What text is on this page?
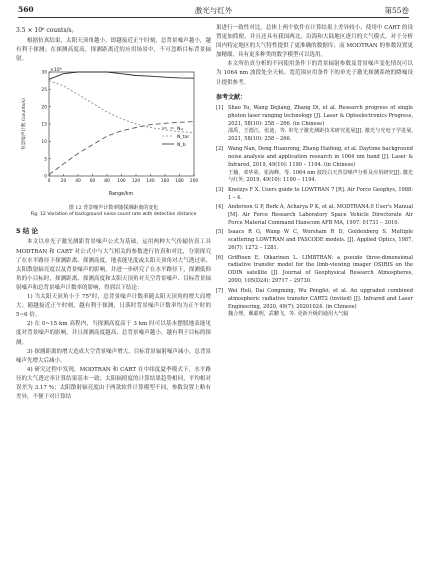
560	激光与红外	第55卷
3.5 × 10⁶ counts/s。

根据仿真结果，太阳天顶角越小，即越接近正午时刻，总背景噪声越小，越有利于探测；在探测高度高，探测距离近的应用场景中，不可忽略目标背景辐射。

×10⁶
背景噪声计数 (counts/s)
Range/km
0 20 40 60 80 100 120 140 160 180 200
0
5
10
15
20
25
30
Nₛₜ
N_tar
N_b
图 12 背景噪声计数率随探测距离的变化
Fig. 12 Variation of background noise count rate with detection distance
5 结 论

本文以单光子激光测距背景噪声公式为基础，运用两种大气传输仿真工具 MODTRAN 和 CART 对公式中与大气相关的参数进行仿真和对比，分别探究了在水平路径下探测距离、探测高度、地表能见度或太阳天顶角对大气透过率、太阳散射辐亮度以及背景噪声的影响，并进一步研究了在水平路径下，探测低仰角的小目标时，探测距离、探测高度和太阳天顶角对天空背景噪声、目标背景辐射噪声和总背景噪声计数率的影响，得到以下结论：

1) 当太阳天顶角小于 75°时，总背景噪声计数率随太阳天顶角的增大而增大。随越接近正午时刻，越有利于探测，日落时背景噪声计数率均为正午时的 5~6 倍。

2) 在 0~15 km 高程内，当探测高度高于 3 km 时可以基本摆脱地表能见度对背景噪声的影响，并且探测高度越高，总背景噪声越小，越有利于目标的探测。

3) 探测距离的增大造成大空背景噪声增大，目标背景辐射噪声减小，总背景噪声先增大后减小。

4) 研究过程中发现，MODTRAN 和 CART 在中纬度夏季模式下，水平路径的大气透过率计算结果基本一致；太阳辐照度的计算结果趋势相同，平均相对误差为 3.17 %；太阳散射辐亮度由于两款软件计算模型不同，参数设置上略有差异，不便于对计算结

果进行一致性对比。总体上两个软件在计算结果上差异较小，使用中 CART 的设置更加简便，并且还具有我国两北、沿海和大陆地区逐月的大气模式，对于分析国内特定地区的大气特性提供了更准确的数据库；而 MODTRAN 的参数设置更加精细，具有更多种类的数学模型可以选用。

本文所仿真分析的不同使用条件下的背景辐射参数及背景噪声变化情况可以为 1064 nm 波段处全天候、宽范围应用条件下的单光子激光探测系统的降噪设计提供参考。

参考文献：
[1] Shao Yu, Wang Dejiang, Zhang Di, et al. Research progress of single photon laser ranging technology [J]. Laser & Optoelectronics Progress, 2021, 58(10): 258 – 266. (in Chinese)
邵禹，王德江，张迪，等. 单光子激光测距技术研究进展[J]. 激光与光电子学进展, 2021, 58(10): 258 – 266.
[2] Wang Nan, Deng Huanrong, Zhang Haifeng, et al. Daytime background noise analysis and application research in 1064 nm band [J]. Laser & Infrared, 2019, 49(10): 1190 – 1194. (in Chinese)
王楠，邓华荣，张海峰，等. 1064 nm 波段白天背景噪声分析及应用研究[J]. 激光与红外, 2019, 49(10): 1190 – 1194.
[3] Kneizys F X. Users guide to LOWTRAN 7 [R]. Air Force Geophys, 1988: 1 – 4.
[4] Anderson G P, Berk A, Acharya P K, et al. MODTRAN4.0 User's Manual [M]. Air Force Research Laboratory Space Vehicle Directorate Air Force Material Command Hanscom AFB MA, 1997: 01731 – 3010.
[5] Isaacs R G, Wang W C, Worsham R D, Goldenberg S. Multiple scattering LOWTRAN and FASCODE models. [J]. Applied Optics, 1987, 26(7): 1272 – 1281.
[6] Griffioen E, Oikarinen L. LIMBTRAN: a pseudo three-dimensional radiative transfer model for the limb-viewing imager OSIRIS on the ODIN satellite [J]. Journal of Geophysical Research Atmospheres, 2000, 105(D24): 29717 – 29730.
[7] Wei Heli, Dai Congming, Wu Pengfei, et al. An upgraded combined atmospheric radiative transfer CART2 (invited) [J]. Infrared and Laser Engineering, 2020, 49(7): 20201024. (in Chinese)
魏合理，戴聪明，武鹏飞，等. 更新升级的通用大气辐
